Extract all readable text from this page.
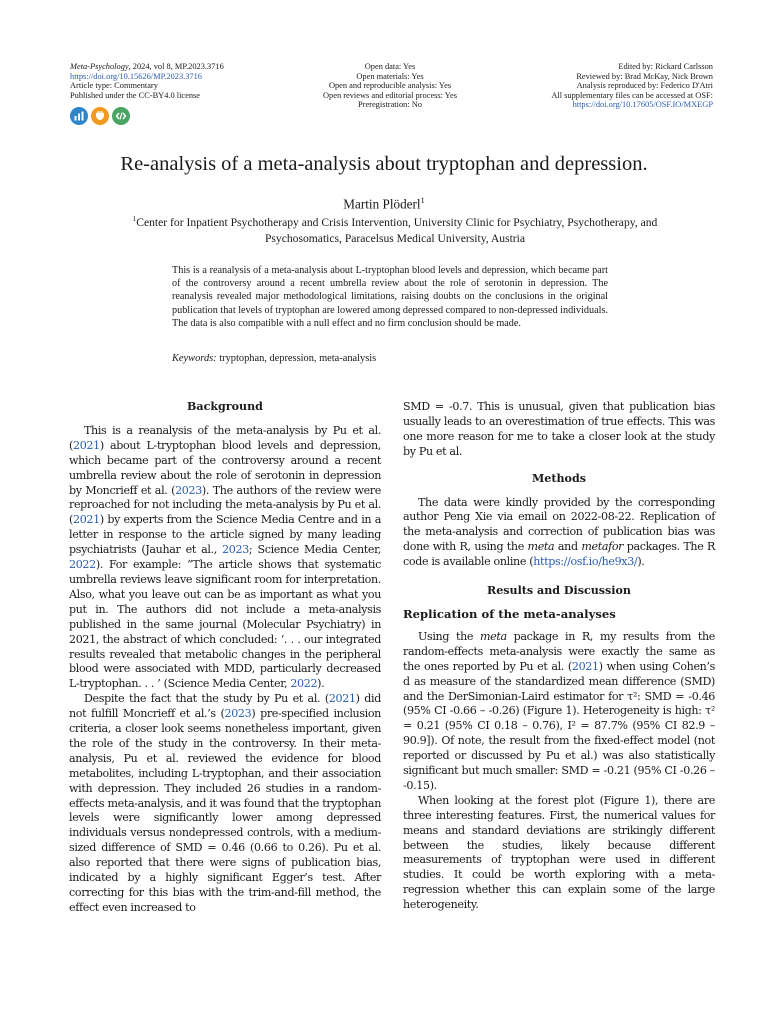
Meta-Psychology, 2024, vol 8, MP.2023.3716
https://doi.org/10.15626/MP.2023.3716
Article type: Commentary
Published under the CC-BY4.0 license
Open data: Yes
Open materials: Yes
Open and reproducible analysis: Yes
Open reviews and editorial process: Yes
Preregistration: No
Edited by: Rickard Carlsson
Reviewed by: Brad McKay, Nick Brown
Analysis reproduced by: Federico D'Atri
All supplementary files can be accessed at OSF:
https://doi.org/10.17605/OSF.IO/MXEGP
Re-analysis of a meta-analysis about tryptophan and depression.
Martin Plöderl$^1$
$^1$Center for Inpatient Psychotherapy and Crisis Intervention, University Clinic for Psychiatry, Psychotherapy, and
Psychosomatics, Paracelsus Medical University, Austria
This is a reanalysis of a meta-analysis about L-tryptophan blood levels and depression, which became part of the controversy around a recent umbrella review about the role of serotonin in depression. The reanalysis revealed major methodological limitations, raising doubts on the conclusions in the original publication that levels of tryptophan are lowered among depressed compared to non-depressed individuals. The data is also compatible with a null effect and no firm conclusion should be made.
Keywords: tryptophan, depression, meta-analysis
Background

This is a reanalysis of the meta-analysis by Pu et al. (2021) about L-tryptophan blood levels and depression, which became part of the controversy around a recent umbrella review about the role of serotonin in depression by Moncrieff et al. (2023). The authors of the review were reproached for not including the meta-analysis by Pu et al. (2021) by experts from the Science Media Centre and in a letter in response to the article signed by many leading psychiatrists (Jauhar et al., 2023; Science Media Center, 2022). For example: “The article shows that systematic umbrella reviews leave significant room for interpretation. Also, what you leave out can be as important as what you put in. The authors did not include a meta-analysis published in the same journal (Molecular Psychiatry) in 2021, the abstract of which concluded: ‘. . . our integrated results revealed that metabolic changes in the peripheral blood were associated with MDD, particularly decreased L-tryptophan. . . ’ (Science Media Center, 2022).

Despite the fact that the study by Pu et al. (2021) did not fulfill Moncrieff et al.’s (2023) pre-specified inclusion criteria, a closer look seems nonetheless important, given the role of the study in the controversy. In their meta-analysis, Pu et al. reviewed the evidence for blood metabolites, including L-tryptophan, and their association with depression. They included 26 studies in a random-effects meta-analysis, and it was found that the tryptophan levels were significantly lower among depressed individuals versus nondepressed controls, with a medium-sized difference of SMD = 0.46 (0.66 to 0.26). Pu et al. also reported that there were signs of publication bias, indicated by a highly significant Egger’s test. After correcting for this bias with the trim-and-fill method, the effect even increased to

SMD = -0.7. This is unusual, given that publication bias usually leads to an overestimation of true effects. This was one more reason for me to take a closer look at the study by Pu et al.

Methods

The data were kindly provided by the corresponding author Peng Xie via email on 2022-08-22. Replication of the meta-analysis and correction of publication bias was done with R, using the meta and metafor packages. The R code is available online (https://osf.io/he9x3/).

Results and Discussion
Replication of the meta-analyses

Using the meta package in R, my results from the random-effects meta-analysis were exactly the same as the ones reported by Pu et al. (2021) when using Cohen’s d as measure of the standardized mean difference (SMD) and the DerSimonian-Laird estimator for τ²: SMD = -0.46 (95% CI -0.66 – -0.26) (Figure 1). Heterogeneity is high: τ² = 0.21 (95% CI 0.18 – 0.76), I² = 87.7% (95% CI 82.9 – 90.9]). Of note, the result from the fixed-effect model (not reported or discussed by Pu et al.) was also statistically significant but much smaller: SMD = -0.21 (95% CI -0.26 – -0.15).

When looking at the forest plot (Figure 1), there are three interesting features. First, the numerical values for means and standard deviations are strikingly different between the studies, likely because different measurements of tryptophan were used in different studies. It could be worth exploring with a meta-regression whether this can explain some of the large heterogeneity.
